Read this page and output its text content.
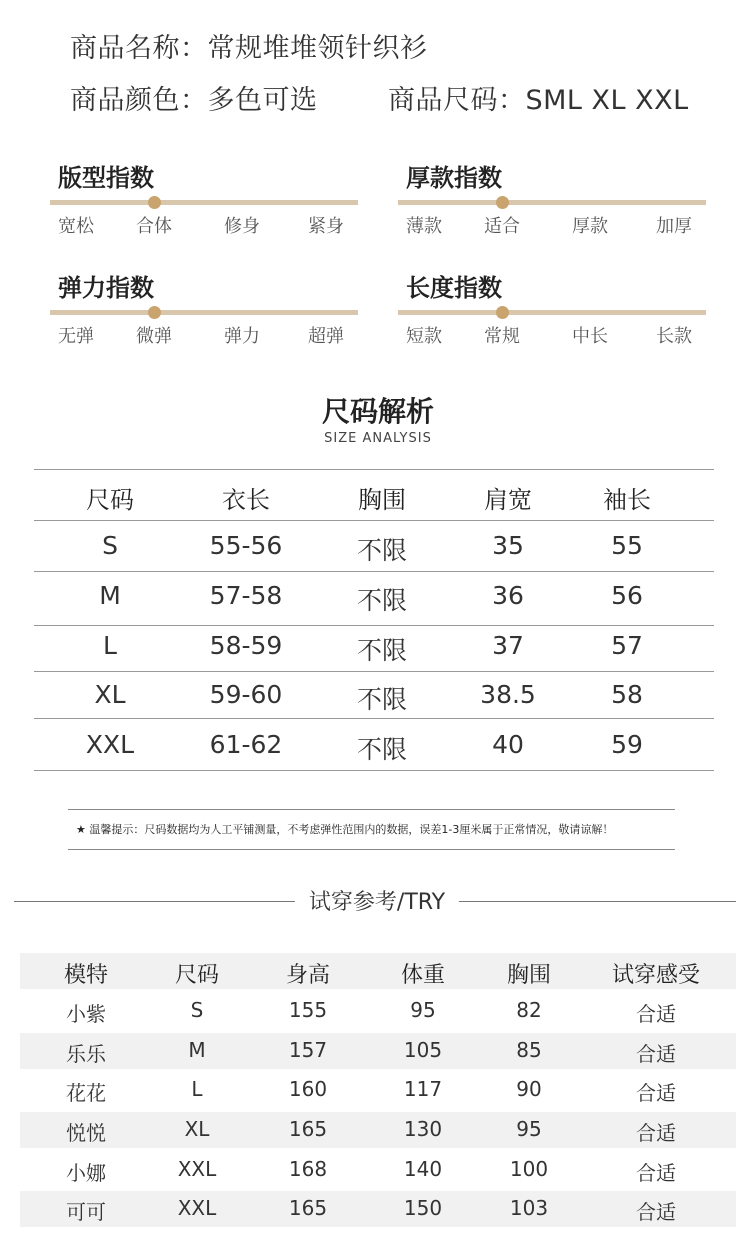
商品名称：常规堆堆领针织衫
商品颜色：多色可选	商品尺码：SML XL XXL
版型指数
宽松 合体	修身	紧身
厚款指数
薄款 适合	厚款	加厚
弹力指数
无弹 微弹	弹力	超弹
长度指数
短款 常规	中长	长款
尺码解析
SIZE ANALYSIS
尺码	衣长	胸围	肩宽	袖长
S	55-56	不限	35	55
M	57-58	不限	36	56
L	58-59	不限	37	57
XL	59-60	不限	38.5	58
XXL	61-62	不限	40	59
★ 温馨提示：尺码数据均为人工平铺测量，不考虑弹性范围内的数据，误差1-3厘米属于正常情况，敬请谅解！
试穿参考/TRY
模特	尺码	身高	体重	胸围	试穿感受
小紫	S	155	95	82	合适
乐乐	M	157	105	85	合适
花花	L	160	117	90	合适
悦悦	XL	165	130	95	合适
小娜	XXL	168	140	100	合适
可可	XXL	165	150	103	合适
